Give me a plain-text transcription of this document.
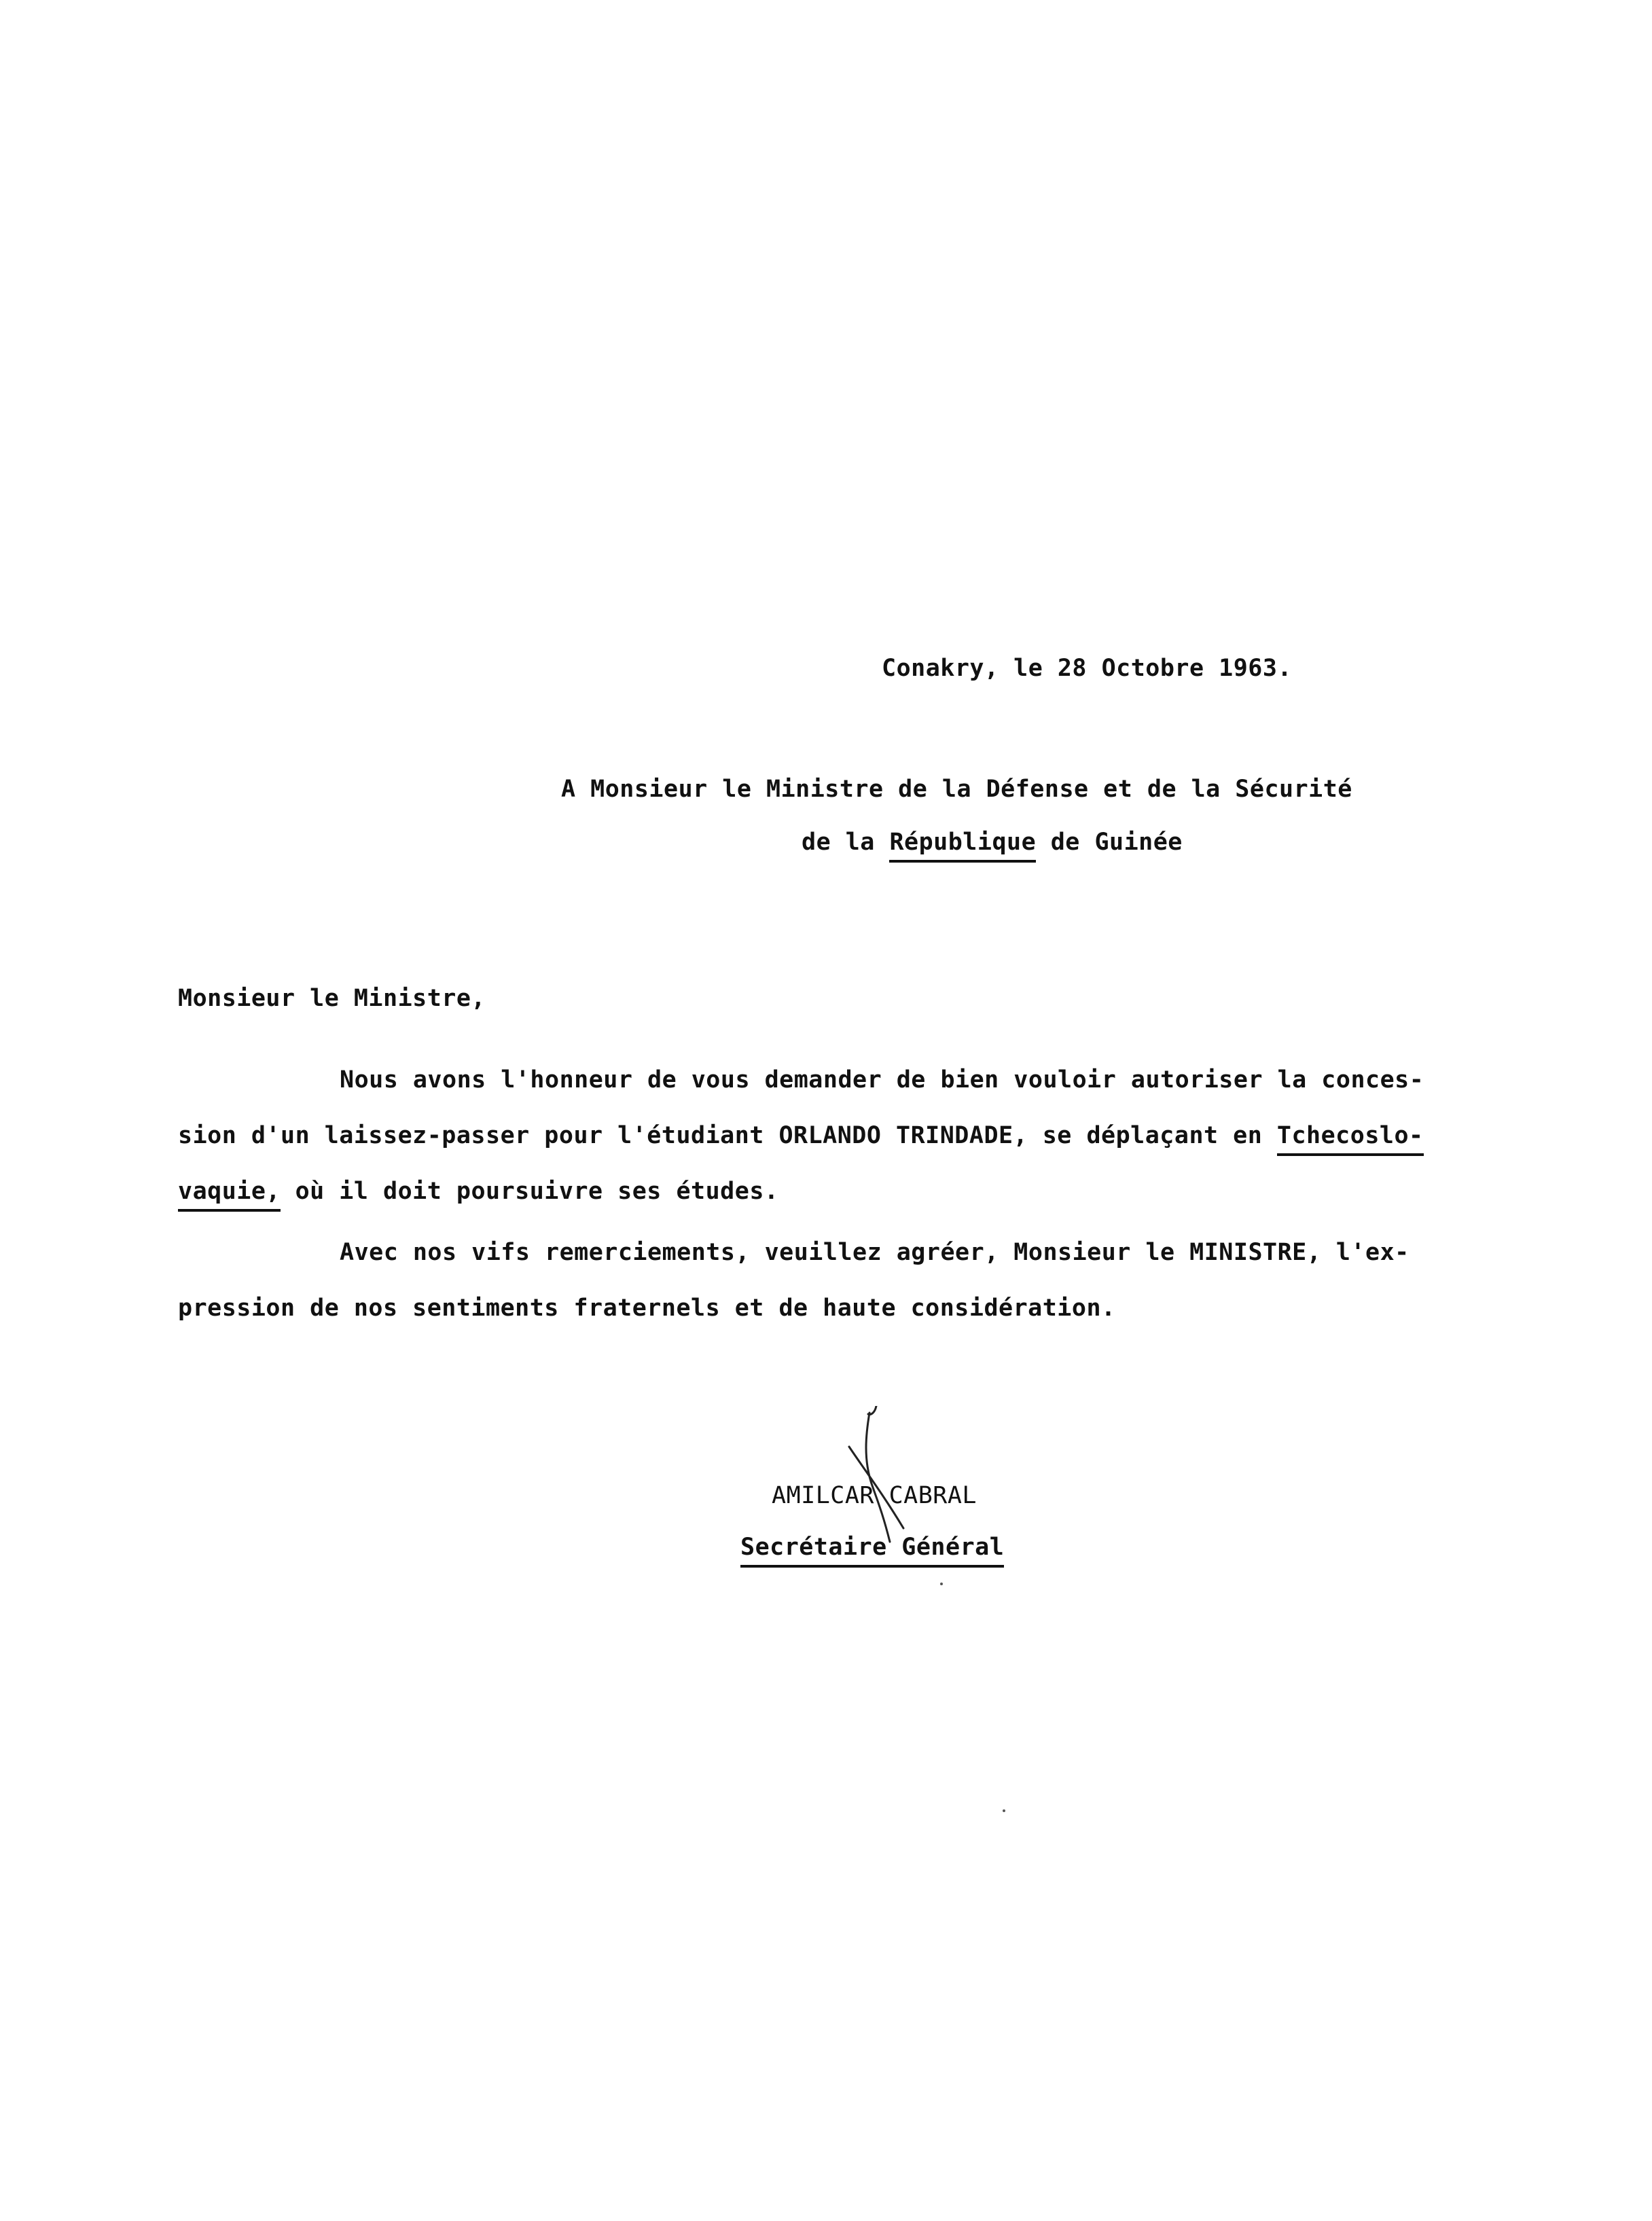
Conakry, le 28 Octobre 1963.
A Monsieur le Ministre de la Défense et de la Sécurité
de la République de Guinée
Monsieur le Ministre,
Nous avons l'honneur de vous demander de bien vouloir autoriser la conces-
sion d'un laissez-passer pour l'étudiant ORLANDO TRINDADE, se déplaçant en Tchecoslo-
vaquie, où il doit poursuivre ses études.
Avec nos vifs remerciements, veuillez agréer, Monsieur le MINISTRE, l'ex-
pression de nos sentiments fraternels et de haute considération.
AMILCAR CABRAL
Secrétaire Général
